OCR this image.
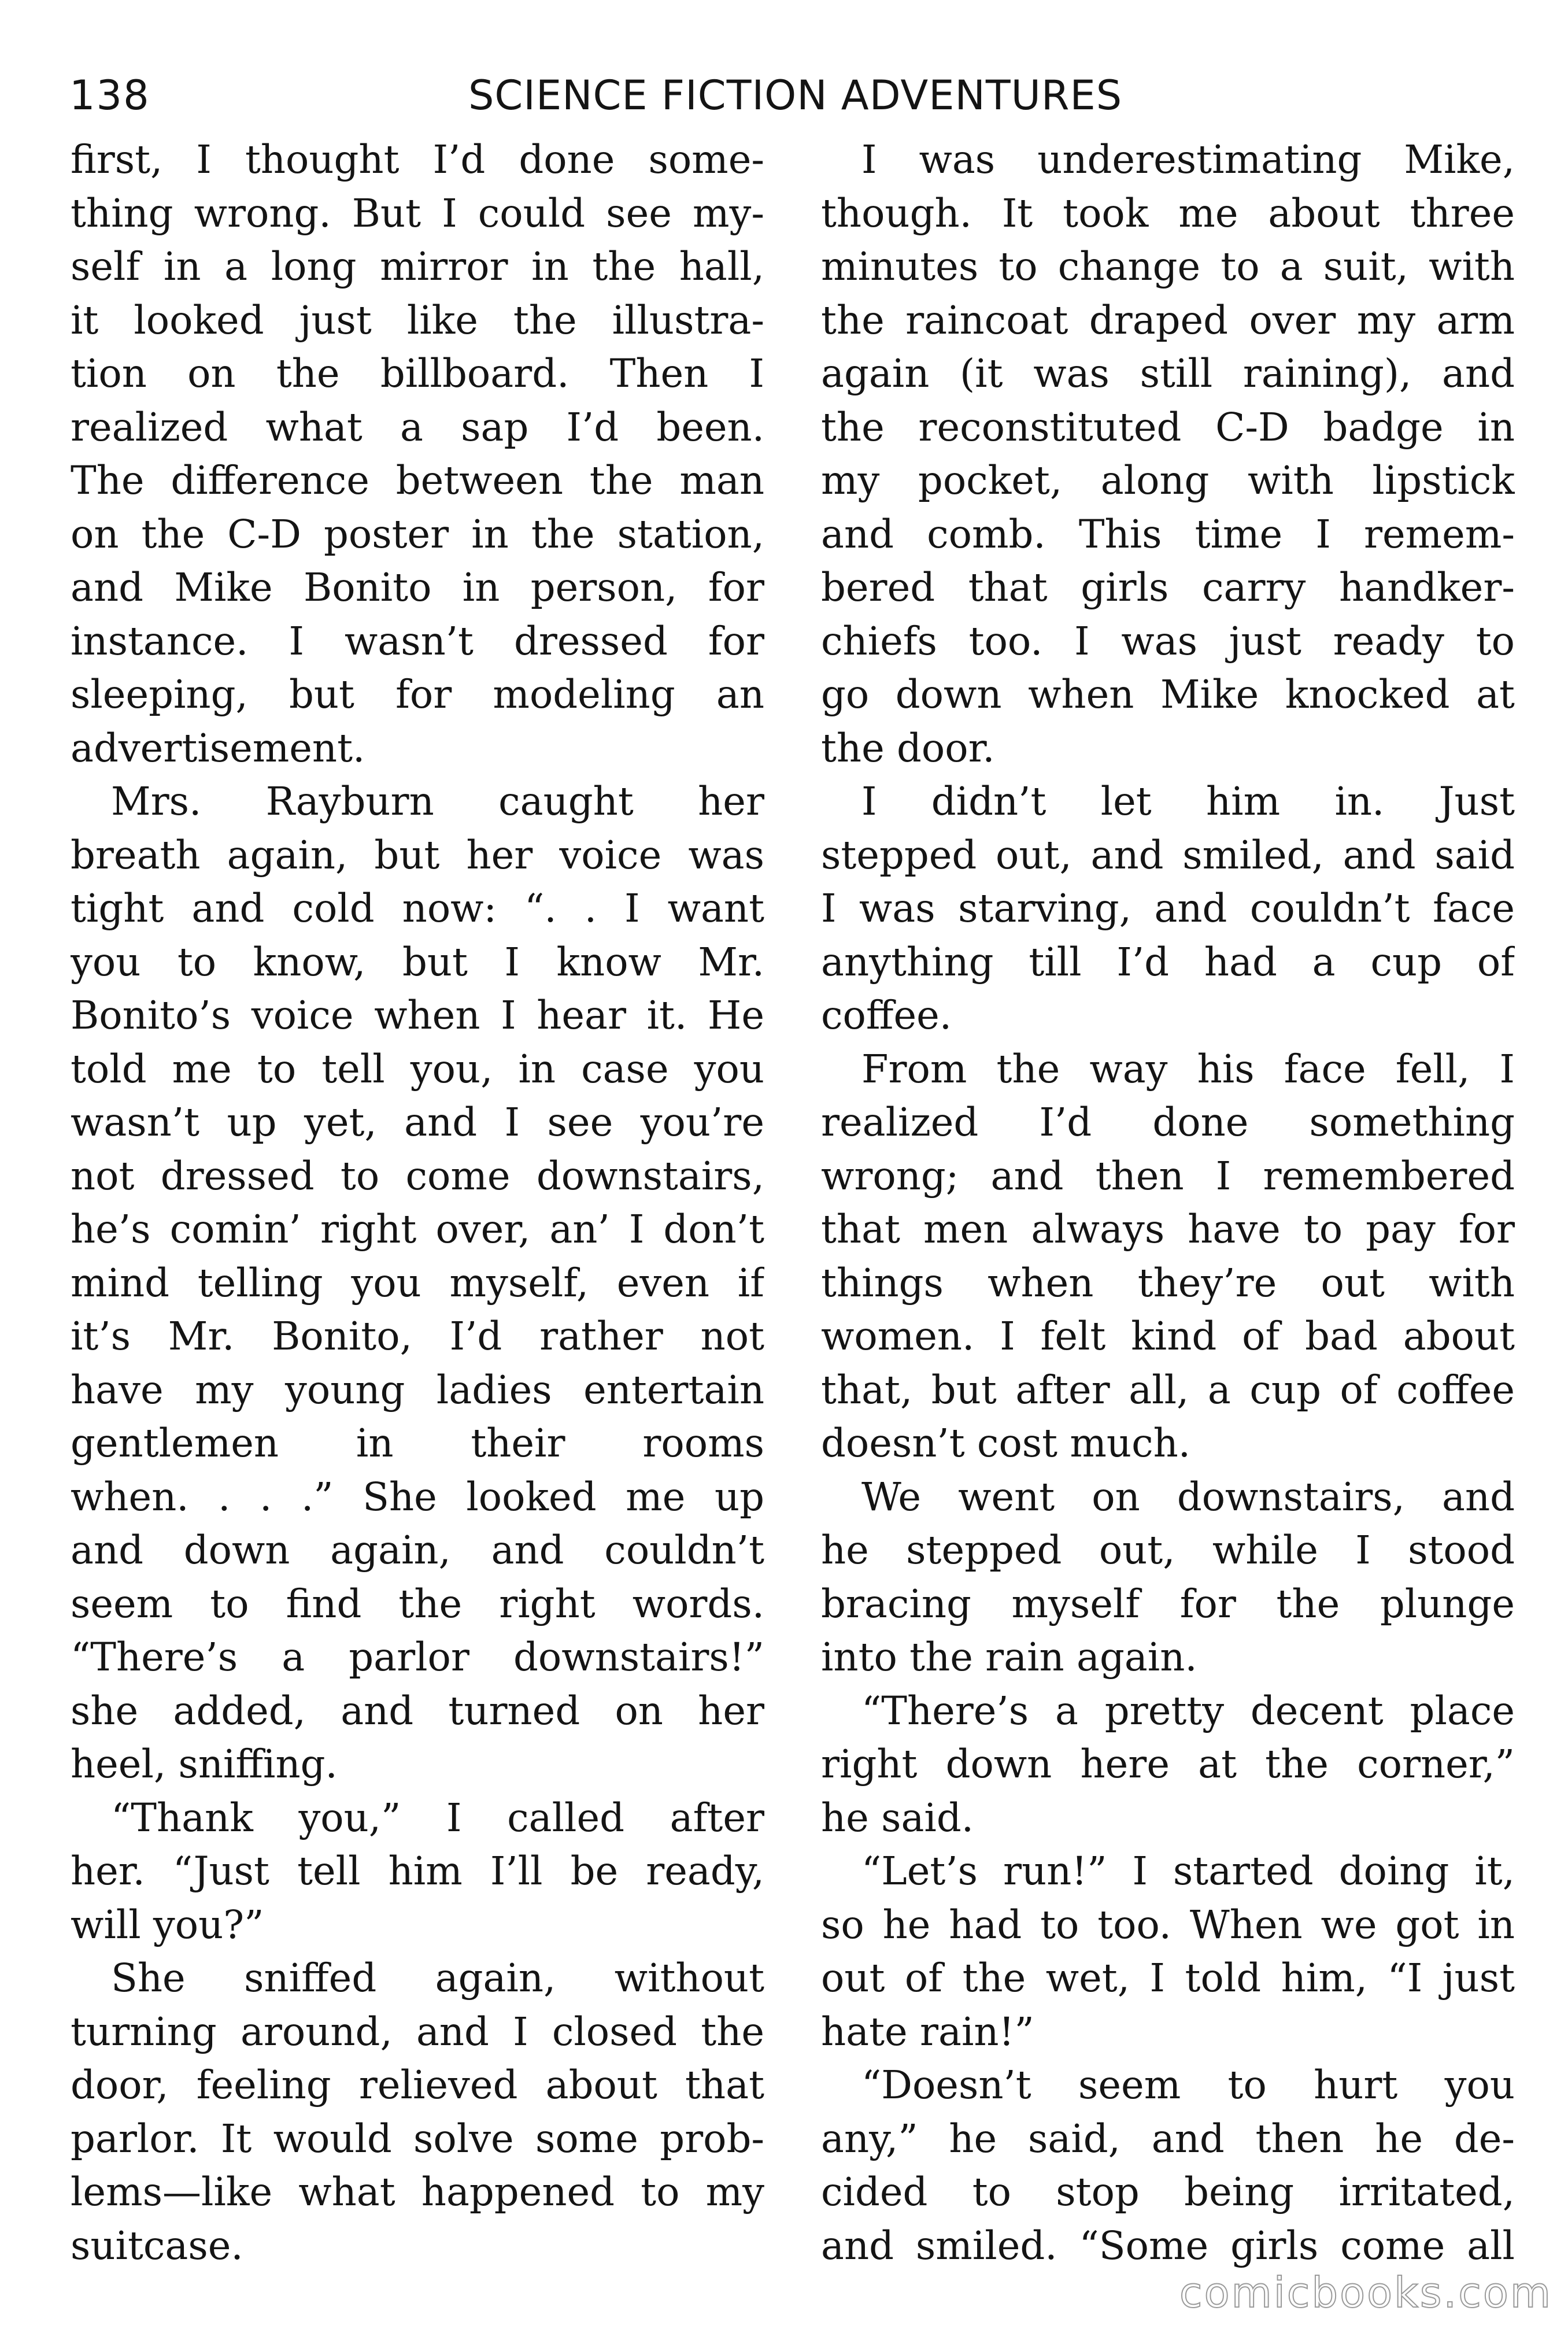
138	SCIENCE FICTION ADVENTURES
first, I thought I’d done some-
thing wrong. But I could see my-
self in a long mirror in the hall,
it looked just like the illustra-
tion on the billboard. Then I
realized what a sap I’d been.
The difference between the man
on the C-D poster in the station,
and Mike Bonito in person, for
instance. I wasn’t dressed for
sleeping, but for modeling an
advertisement.
Mrs. Rayburn caught her
breath again, but her voice was
tight and cold now: “. . I want
you to know, but I know Mr.
Bonito’s voice when I hear it. He
told me to tell you, in case you
wasn’t up yet, and I see you’re
not dressed to come downstairs,
he’s comin’ right over, an’ I don’t
mind telling you myself, even if
it’s Mr. Bonito, I’d rather not
have my young ladies entertain
gentlemen in their rooms
when. . . .” She looked me up
and down again, and couldn’t
seem to find the right words.
“There’s a parlor downstairs!”
she added, and turned on her
heel, sniffing.
“Thank you,” I called after
her. “Just tell him I’ll be ready,
will you?”
She sniffed again, without
turning around, and I closed the
door, feeling relieved about that
parlor. It would solve some prob-
lems—like what happened to my
suitcase.
I was underestimating Mike,
though. It took me about three
minutes to change to a suit, with
the raincoat draped over my arm
again (it was still raining), and
the reconstituted C-D badge in
my pocket, along with lipstick
and comb. This time I remem-
bered that girls carry handker-
chiefs too. I was just ready to
go down when Mike knocked at
the door.
I didn’t let him in. Just
stepped out, and smiled, and said
I was starving, and couldn’t face
anything till I’d had a cup of
coffee.
From the way his face fell, I
realized I’d done something
wrong; and then I remembered
that men always have to pay for
things when they’re out with
women. I felt kind of bad about
that, but after all, a cup of coffee
doesn’t cost much.
We went on downstairs, and
he stepped out, while I stood
bracing myself for the plunge
into the rain again.
“There’s a pretty decent place
right down here at the corner,”
he said.
“Let’s run!” I started doing it,
so he had to too. When we got in
out of the wet, I told him, “I just
hate rain!”
“Doesn’t seem to hurt you
any,” he said, and then he de-
cided to stop being irritated,
and smiled. “Some girls come all
comicbooks.com
